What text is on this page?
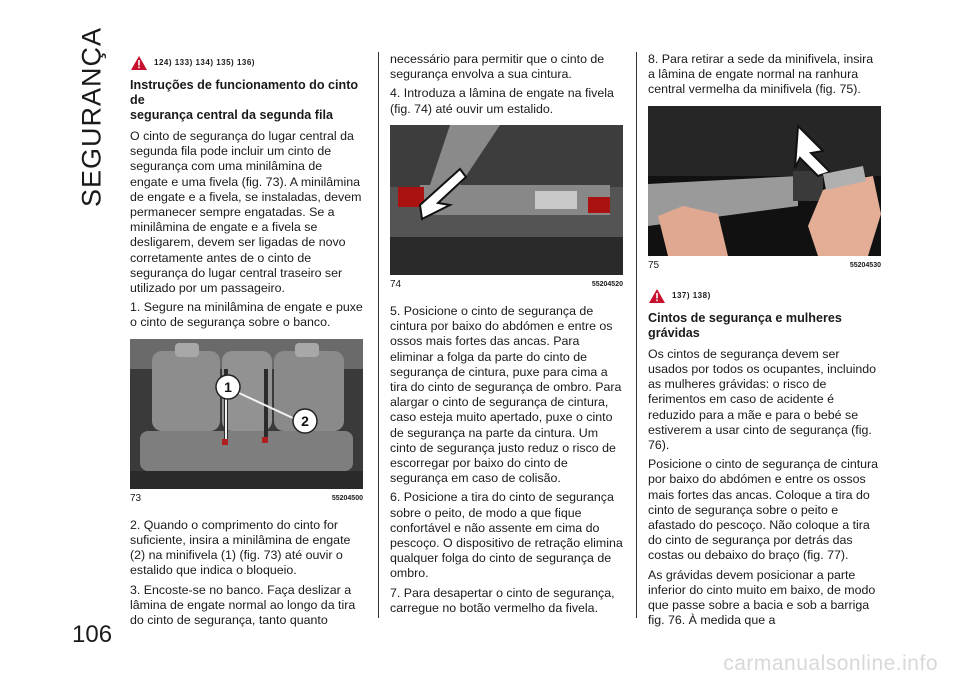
SEGURANÇA
106
124) 133) 134) 135) 136)
Instruções de funcionamento do cinto de
segurança central da segunda fila

O cinto de segurança do lugar central da segunda fila pode incluir um cinto de segurança com uma minilâmina de engate e uma fivela (fig. 73). A minilâmina de engate e a fivela, se instaladas, devem permanecer sempre engatadas. Se a minilâmina de engate e a fivela se desligarem, devem ser ligadas de novo corretamente antes de o cinto de segurança do lugar central traseiro ser utilizado por um passageiro.

1. Segure na minilâmina de engate e puxe o cinto de segurança sobre o banco.

1
2
73	55204500

2. Quando o comprimento do cinto for suficiente, insira a minilâmina de engate (2) na minifivela (1) (fig. 73) até ouvir o estalido que indica o bloqueio.

3. Encoste-se no banco. Faça deslizar a lâmina de engate normal ao longo da tira do cinto de segurança, tanto quanto

necessário para permitir que o cinto de segurança envolva a sua cintura.

4. Introduza a lâmina de engate na fivela (fig. 74) até ouvir um estalido.

74	55204520

5. Posicione o cinto de segurança de cintura por baixo do abdómen e entre os ossos mais fortes das ancas. Para eliminar a folga da parte do cinto de segurança de cintura, puxe para cima a tira do cinto de segurança de ombro. Para alargar o cinto de segurança de cintura, caso esteja muito apertado, puxe o cinto de segurança na parte da cintura. Um cinto de segurança justo reduz o risco de escorregar por baixo do cinto de segurança em caso de colisão.

6. Posicione a tira do cinto de segurança sobre o peito, de modo a que fique confortável e não assente em cima do pescoço. O dispositivo de retração elimina qualquer folga do cinto de segurança de ombro.

7. Para desapertar o cinto de segurança, carregue no botão vermelho da fivela.

8. Para retirar a sede da minifivela, insira a lâmina de engate normal na ranhura central vermelha da minifivela (fig. 75).

75	55204530
137) 138)
Cintos de segurança e mulheres grávidas

Os cintos de segurança devem ser usados por todos os ocupantes, incluindo as mulheres grávidas: o risco de ferimentos em caso de acidente é reduzido para a mãe e para o bebé se estiverem a usar cinto de segurança (fig. 76).

Posicione o cinto de segurança de cintura por baixo do abdómen e entre os ossos mais fortes das ancas. Coloque a tira do cinto de segurança sobre o peito e afastado do pescoço. Não coloque a tira do cinto de segurança por detrás das costas ou debaixo do braço (fig. 77).

As grávidas devem posicionar a parte inferior do cinto muito em baixo, de modo que passe sobre a bacia e sob a barriga fig. 76. À medida que a

carmanualsonline.info
